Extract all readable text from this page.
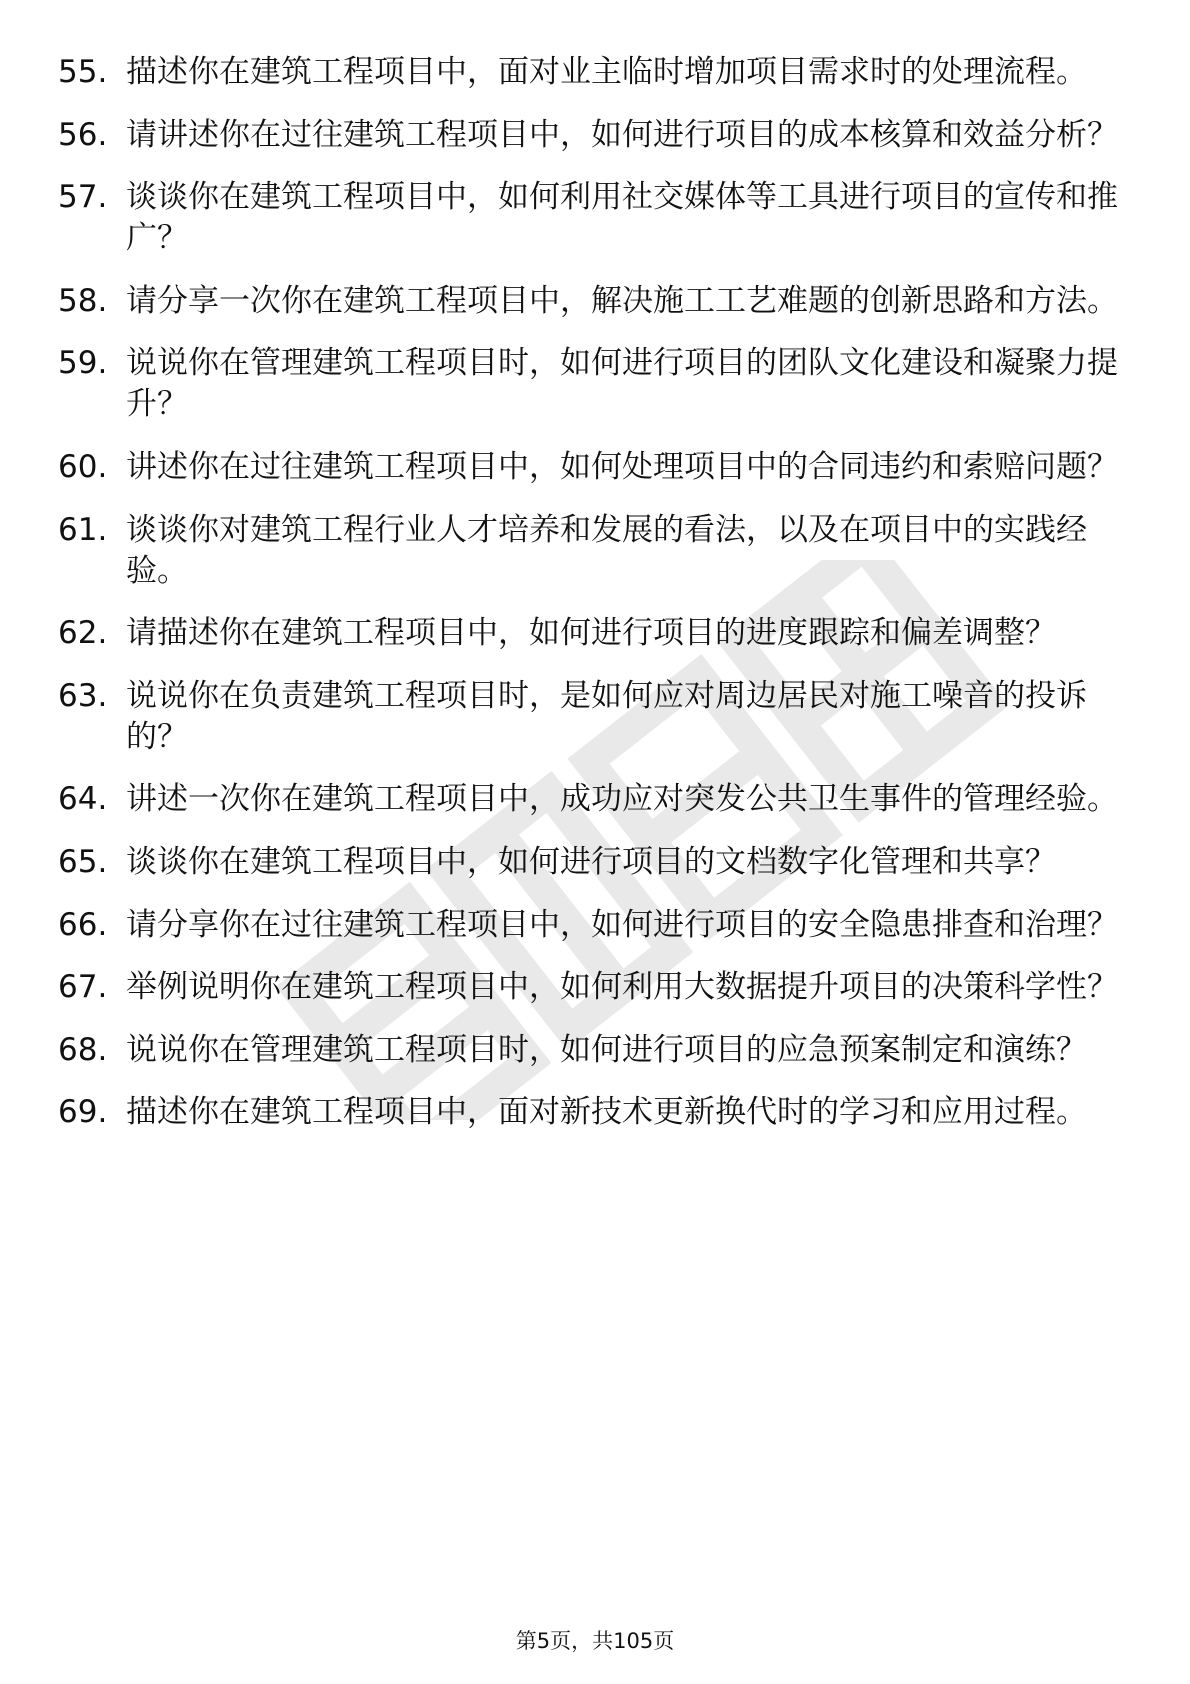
55. 描述你在建筑工程项目中，面对业主临时增加项目需求时的处理流程。
56. 请讲述你在过往建筑工程项目中，如何进行项目的成本核算和效益分析？
57. 谈谈你在建筑工程项目中，如何利用社交媒体等工具进行项目的宣传和推广？
58. 请分享一次你在建筑工程项目中，解决施工工艺难题的创新思路和方法。
59. 说说你在管理建筑工程项目时，如何进行项目的团队文化建设和凝聚力提升？
60. 讲述你在过往建筑工程项目中，如何处理项目中的合同违约和索赔问题？
61. 谈谈你对建筑工程行业人才培养和发展的看法，以及在项目中的实践经验。
62. 请描述你在建筑工程项目中，如何进行项目的进度跟踪和偏差调整？
63. 说说你在负责建筑工程项目时，是如何应对周边居民对施工噪音的投诉的？
64. 讲述一次你在建筑工程项目中，成功应对突发公共卫生事件的管理经验。
65. 谈谈你在建筑工程项目中，如何进行项目的文档数字化管理和共享？
66. 请分享你在过往建筑工程项目中，如何进行项目的安全隐患排查和治理？
67. 举例说明你在建筑工程项目中，如何利用大数据提升项目的决策科学性？
68. 说说你在管理建筑工程项目时，如何进行项目的应急预案制定和演练？
69. 描述你在建筑工程项目中，面对新技术更新换代时的学习和应用过程。
第5页，共105页
